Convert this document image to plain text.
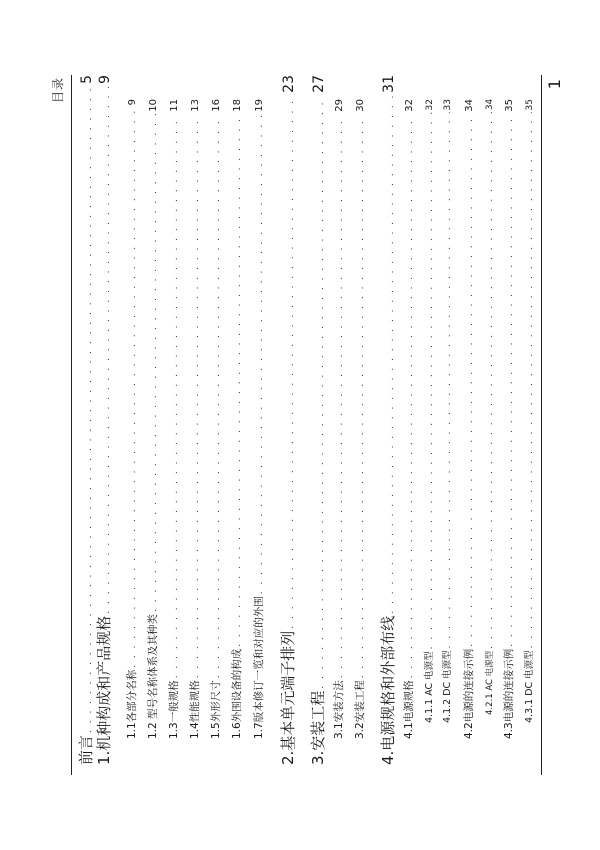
目录
前言
. . .
5
1.机种构成和产品规格
. . .
9
1.1各部分名称
. . .
9
1.2 型号名称体系及其种类
. . .
10
1.3一般规格
. . .
11
1.4性能规格
. . .
13
1.5外形尺寸
. . .
16
1.6外围设备的构成
. . .
18
1.7版本修订一览和对应的外围
. . .
19
2.基本单元端子排列
. . .
23
3.安装工程
. . .
27
3.1安装方法
. . .
29
3.2安装工程
. . .
30
4.电源规格和外部布线
. . .
31
4.1电源规格
. . .
32
4.1.1 AC 电源型
. . .
32
4.1.2 DC 电源型
. . .
33
4.2电源的连接示例
. . .
34
4.2.1 AC 电源型
. . .
34
4.3电源的连接示例
. . .
35
4.3.1 DC 电源型
. . .
35
1
